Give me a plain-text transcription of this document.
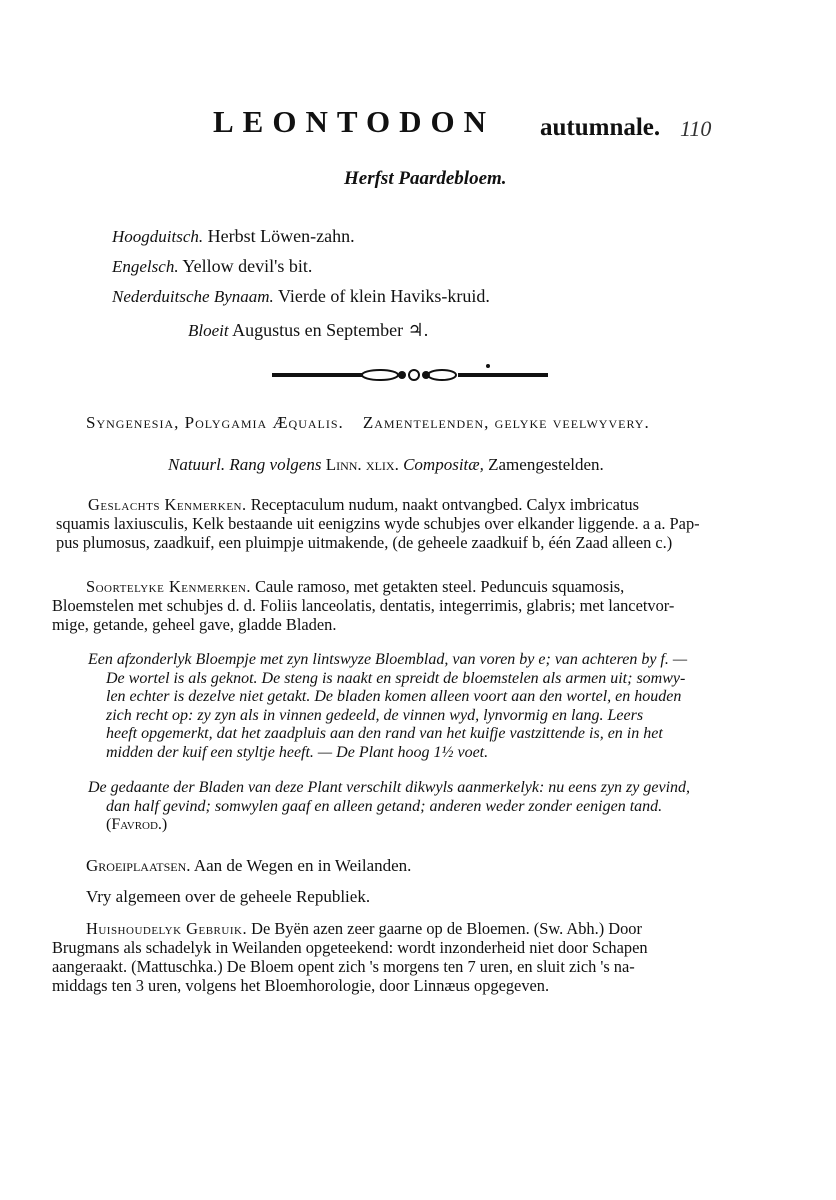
LEONTODON autumnale. 110
Herfst Paardebloem.
Hoogduitsch. Herbst Löwen-zahn.
Engelsch. Yellow devil's bit.
Nederduitsche Bynaam. Vierde of klein Haviks-kruid.
Bloeit Augustus en September ♃.
Syngenesia, Polygamia Æqualis. Zamentelenden, gelyke veelwyvery.
Natuurl. Rang volgens Linn. xlix. Compositæ, Zamengestelden.
Geslachts Kenmerken. Receptaculum nudum, naakt ontvangbed. Calyx imbricatus
squamis laxiusculis, Kelk bestaande uit eenigzins wyde schubjes over elkander liggende. a a. Pap-
pus plumosus, zaadkuif, een pluimpje uitmakende, (de geheele zaadkuif b, één Zaad alleen c.)
Soortelyke Kenmerken. Caule ramoso, met getakten steel. Peduncuis squamosis,
Bloemstelen met schubjes d. d. Foliis lanceolatis, dentatis, integerrimis, glabris; met lancetvor-
mige, getande, geheel gave, gladde Bladen.
Een afzonderlyk Bloempje met zyn lintswyze Bloemblad, van voren by e; van achteren by f. —
De wortel is als geknot. De steng is naakt en spreidt de bloemstelen als armen uit; somwy-
len echter is dezelve niet getakt. De bladen komen alleen voort aan den wortel, en houden
zich recht op: zy zyn als in vinnen gedeeld, de vinnen wyd, lynvormig en lang. Leers
heeft opgemerkt, dat het zaadpluis aan den rand van het kuifje vastzittende is, en in het
midden der kuif een styltje heeft. — De Plant hoog 1½ voet.
De gedaante der Bladen van deze Plant verschilt dikwyls aanmerkelyk: nu eens zyn zy gevind,
dan half gevind; somwylen gaaf en alleen getand; anderen weder zonder eenigen tand.
(Favrod.)
Groeiplaatsen. Aan de Wegen en in Weilanden.
Vry algemeen over de geheele Republiek.
Huishoudelyk Gebruik. De Byën azen zeer gaarne op de Bloemen. (Sw. Abh.) Door
Brugmans als schadelyk in Weilanden opgeteekend: wordt inzonderheid niet door Schapen
aangeraakt. (Mattuschka.) De Bloem opent zich 's morgens ten 7 uren, en sluit zich 's na-
middags ten 3 uren, volgens het Bloemhorologie, door Linnæus opgegeven.
